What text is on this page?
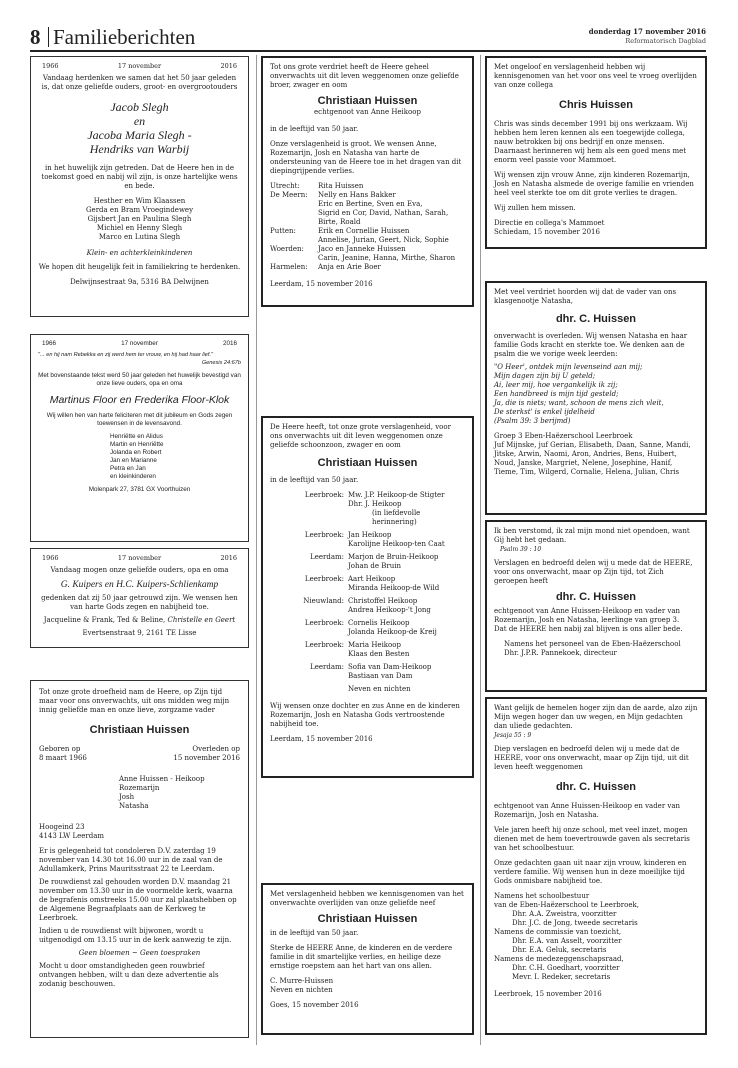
8 Familieberichten	donderdag 17 november 2016
Reformatorisch Dagblad
1966	17 november	2016

Vandaag herdenken we samen dat het 50 jaar geleden is, dat onze geliefde ouders, groot- en overgrootouders

Jacob Slegh
en
Jacoba Maria Slegh -
Hendriks van Warbij

in het huwelijk zijn getreden. Dat de Heere hen in de toekomst goed en nabij wil zijn, is onze hartelijke wens en bede.

Hesther en Wim Klaassen
Gerda en Bram Vroegindewey
Gijsbert Jan en Paulina Slegh
Michiel en Henny Slegh
Marco en Lutina Slegh

Klein- en achterkleinkinderen

We hopen dit heugelijk feit in familiekring te herdenken.

Delwijnsestraat 9a, 5316 BA Delwijnen

1966	17 november	2016
"... en hij nam Rebekka en zij werd hem ter vrouw, en hij had haar lief."
Genesis 24:67b

Met bovenstaande tekst werd 50 jaar geleden het huwelijk bevestigd van onze lieve ouders, opa en oma

Martinus Floor en Frederika Floor-Klok

Wij willen hen van harte feliciteren met dit jubileum en Gods zegen toewensen in de levensavond.

Henriëtte en Alidus
Martin en Henriëtte
Jolanda en Robert
Jan en Marianne
Petra en Jan
en kleinkinderen

Molenpark 27, 3781 GX Voorthuizen

1966	17 november	2016

Vandaag mogen onze geliefde ouders, opa en oma

G. Kuipers en H.C. Kuipers-Schlienkamp

gedenken dat zij 50 jaar getrouwd zijn. We wensen hen van harte Gods zegen en nabijheid toe.

Jacqueline & Frank, Ted & Beline, Christelle en Geert

Evertsenstraat 9, 2161 TE Lisse

Tot onze grote droefheid nam de Heere, op Zijn tijd maar voor ons onverwachts, uit ons midden weg mijn innig geliefde man en onze lieve, zorgzame vader

Christiaan Huissen
Geboren op
8 maart 1966
Overleden op
15 november 2016
Anne Huissen - Heikoop
Rozemarijn
Josh
Natasha
Hoogeind 23
4143 LW Leerdam

Er is gelegenheid tot condoleren D.V. zaterdag 19 november van 14.30 tot 16.00 uur in de zaal van de Adullamkerk, Prins Mauritsstraat 22 te Leerdam.

De rouwdienst zal gehouden worden D.V. maandag 21 november om 13.30 uur in de voormelde kerk, waarna de begrafenis omstreeks 15.00 uur zal plaatshebben op de Algemene Begraafplaats aan de Kerkweg te Leerbroek.

Indien u de rouwdienst wilt bijwonen, wordt u uitgenodigd om 13.15 uur in de kerk aanwezig te zijn.

Geen bloemen ~ Geen toespraken

Mocht u door omstandigheden geen rouwbrief ontvangen hebben, wilt u dan deze advertentie als zodanig beschouwen.

Tot ons grote verdriet heeft de Heere geheel onverwachts uit dit leven weggenomen onze geliefde broer, zwager en oom

Christiaan Huissen
echtgenoot van Anne Heikoop

in de leeftijd van 50 jaar.

Onze verslagenheid is groot. We wensen Anne, Rozemarijn, Josh en Natasha van harte de ondersteuning van de Heere toe in het dragen van dit diepingrijpende verlies.

Utrecht:	Rita Huissen
De Meern:	Nelly en Hans Bakker
Eric en Bertine, Sven en Eva,
Sigrid en Cor, David, Nathan, Sarah,
Birte, Roald
Putten:	Erik en Cornellie Huissen
Annelise, Jurian, Geert, Nick, Sophie
Woerden:	Jaco en Janneke Huissen
Carin, Jeanine, Hanna, Mirthe, Sharon
Harmelen:	Anja en Arie Boer

Leerdam, 15 november 2016

De Heere heeft, tot onze grote verslagenheid, voor ons onverwachts uit dit leven weggenomen onze geliefde schoonzoon, zwager en oom

Christiaan Huissen

in de leeftijd van 50 jaar.

Leerbroek: Mw. J.P. Heikoop-de Stigter
Dhr. J. Heikoop
(in liefdevolle herinnering)
Leerbroek: Jan Heikoop
Karolijne Heikoop-ten Caat
Leerdam: Marjon de Bruin-Heikoop
Johan de Bruin
Leerbroek: Aart Heikoop
Miranda Heikoop-de Wild
Nieuwland: Christoffel Heikoop
Andrea Heikoop-'t Jong
Leerbroek: Cornelis Heikoop
Jolanda Heikoop-de Kreij
Leerbroek: Maria Heikoop
Klaas den Besten
Leerdam: Sofia van Dam-Heikoop
Bastiaan van Dam
Neven en nichten

Wij wensen onze dochter en zus Anne en de kinderen Rozemarijn, Josh en Natasha Gods vertroostende nabijheid toe.

Leerdam, 15 november 2016

Met verslagenheid hebben we kennisgenomen van het onverwachte overlijden van onze geliefde neef

Christiaan Huissen

in de leeftijd van 50 jaar.

Sterke de HEERE Anne, de kinderen en de verdere familie in dit smartelijke verlies, en heilige deze ernstige roepstem aan het hart van ons allen.

C. Murre-Huissen
Neven en nichten

Goes, 15 november 2016

Met ongeloof en verslagenheid hebben wij kennisgenomen van het voor ons veel te vroeg overlijden van onze collega

Chris Huissen

Chris was sinds december 1991 bij ons werkzaam. Wij hebben hem leren kennen als een toegewijde collega, nauw betrokken bij ons bedrijf en onze mensen. Daarnaast herinneren wij hem als een goed mens met enorm veel passie voor Mammoet.

Wij wensen zijn vrouw Anne, zijn kinderen Rozemarijn, Josh en Natasha alsmede de overige familie en vrienden heel veel sterkte toe om dit grote verlies te dragen.

Wij zullen hem missen.

Directie en collega's Mammoet
Schiedam, 15 november 2016

Met veel verdriet hoorden wij dat de vader van ons klasgenootje Natasha,

dhr. C. Huissen

onverwacht is overleden. Wij wensen Natasha en haar familie Gods kracht en sterkte toe. We denken aan de psalm die we vorige week leerden:

"O Heer', ontdek mijn levenseind aan mij;
Mijn dagen zijn bij U geteld;
Ai, leer mij, hoe vergankelijk ik zij;
Een handbreed is mijn tijd gesteld;
Ja, die is niets; want, schoon de mens zich vleit,
De sterkst' is enkel ijdelheid
(Psalm 39: 3 berijmd)

Groep 3 Eben-Haëzerschool Leerbroek

Juf Mijnske, juf Gerian, Elisabeth, Daan, Sanne, Mandi, Jitske, Arwin, Naomi, Aron, Andries, Bens, Huibert, Noud, Janske, Margriet, Nelene, Josephine, Hanif, Tieme, Tim, Wilgerd, Cornalie, Helena, Julian, Chris

Ik ben verstomd, ik zal mijn mond niet opendoen, want Gij hebt het gedaan.
Psalm 39 : 10

Verslagen en bedroefd delen wij u mede dat de HEERE, voor ons onverwacht, maar op Zijn tijd, tot Zich geroepen heeft

dhr. C. Huissen
echtgenoot van Anne Huissen-Heikoop en vader van Rozemarijn, Josh en Natasha, leerlinge van groep 3.

Dat de HEERE hen nabij zal blijven is ons aller bede.

Namens het personeel van de Eben-Haëzerschool
Dhr. J.P.R. Pannekoek, directeur
Want gelijk de hemelen hoger zijn dan de aarde, alzo zijn Mijn wegen hoger dan uw wegen, en Mijn gedachten dan uliede gedachten.
Jesaja 55 : 9

Diep verslagen en bedroefd delen wij u mede dat de HEERE, voor ons onverwacht, maar op Zijn tijd, uit dit leven heeft weggenomen

dhr. C. Huissen

echtgenoot van Anne Huissen-Heikoop en vader van Rozemarijn, Josh en Natasha.

Vele jaren heeft hij onze school, met veel inzet, mogen dienen met de hem toevertrouwde gaven als secretaris van het schoolbestuur.

Onze gedachten gaan uit naar zijn vrouw, kinderen en verdere familie. Wij wensen hun in deze moeilijke tijd Gods onmisbare nabijheid toe.

Namens het schoolbestuur
van de Eben-Haëzerschool te Leerbroek,
Dhr. A.A. Zweistra, voorzitter
Dhr. J.C. de Jong, tweede secretaris
Namens de commissie van toezicht,
Dhr. E.A. van Asselt, voorzitter
Dhr. E.A. Geluk, secretaris
Namens de medezeggenschapsraad,
Dhr. C.H. Goedhart, voorzitter
Mevr. I. Redeker, secretaris

Leerbroek, 15 november 2016
